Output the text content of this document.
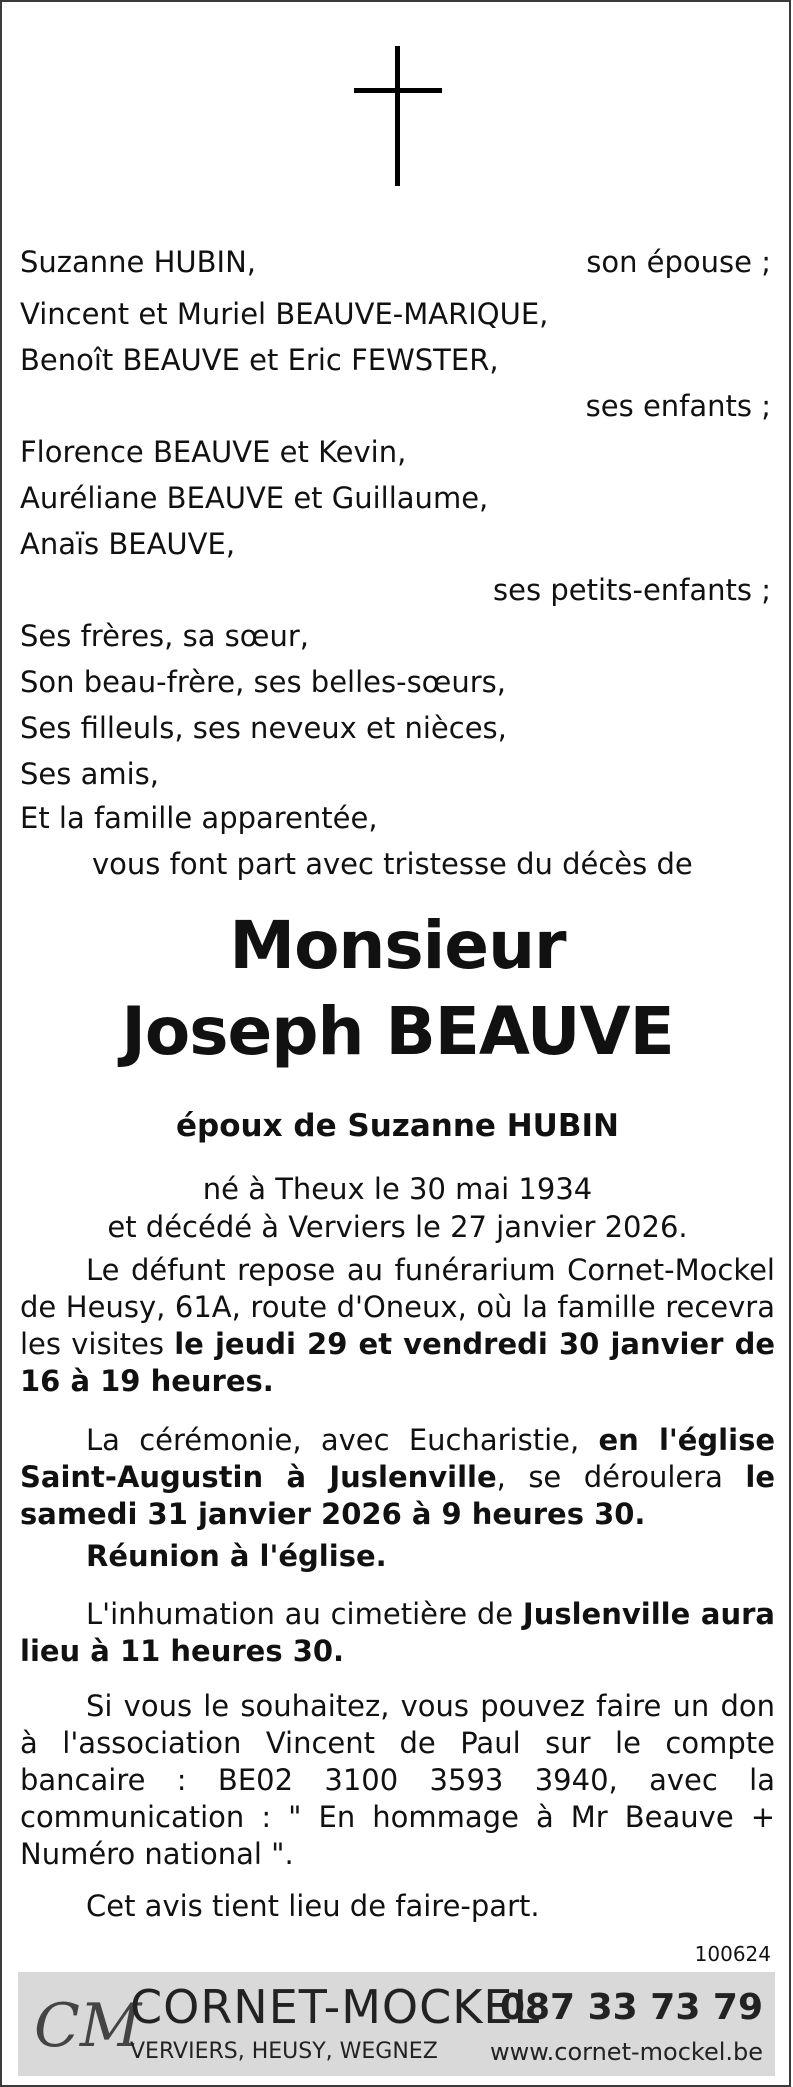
Suzanne HUBIN,	son épouse ;
Vincent et Muriel BEAUVE-MARIQUE,
Benoît BEAUVE et Eric FEWSTER,
ses enfants ;
Florence BEAUVE et Kevin,
Auréliane BEAUVE et Guillaume,
Anaïs BEAUVE,
ses petits-enfants ;
Ses frères, sa sœur,
Son beau-frère, ses belles-sœurs,
Ses filleuls, ses neveux et nièces,
Ses amis,
Et la famille apparentée,
vous font part avec tristesse du décès de
Monsieur
Joseph BEAUVE
époux de Suzanne HUBIN
né à Theux le 30 mai 1934
et décédé à Verviers le 27 janvier 2026.
Le défunt repose au funérarium Cornet-Mockel de Heusy, 61A, route d'Oneux, où la famille recevra les visites le jeudi 29 et vendredi 30 janvier de 16 à 19 heures.
La cérémonie, avec Eucharistie, en l'église Saint-Augustin à Juslenville, se déroulera le samedi 31 janvier 2026 à 9 heures 30.
Réunion à l'église.
L'inhumation au cimetière de Juslenville aura lieu à 11 heures 30.
Si vous le souhaitez, vous pouvez faire un don à l'association Vincent de Paul sur le compte bancaire : BE02 3100 3593 3940, avec la communication : " En hommage à Mr Beauve + Numéro national ".
Cet avis tient lieu de faire-part.
100624
CM
CORNET-MOCKEL
VERVIERS, HEUSY, WEGNEZ
087 33 73 79
www.cornet-mockel.be
